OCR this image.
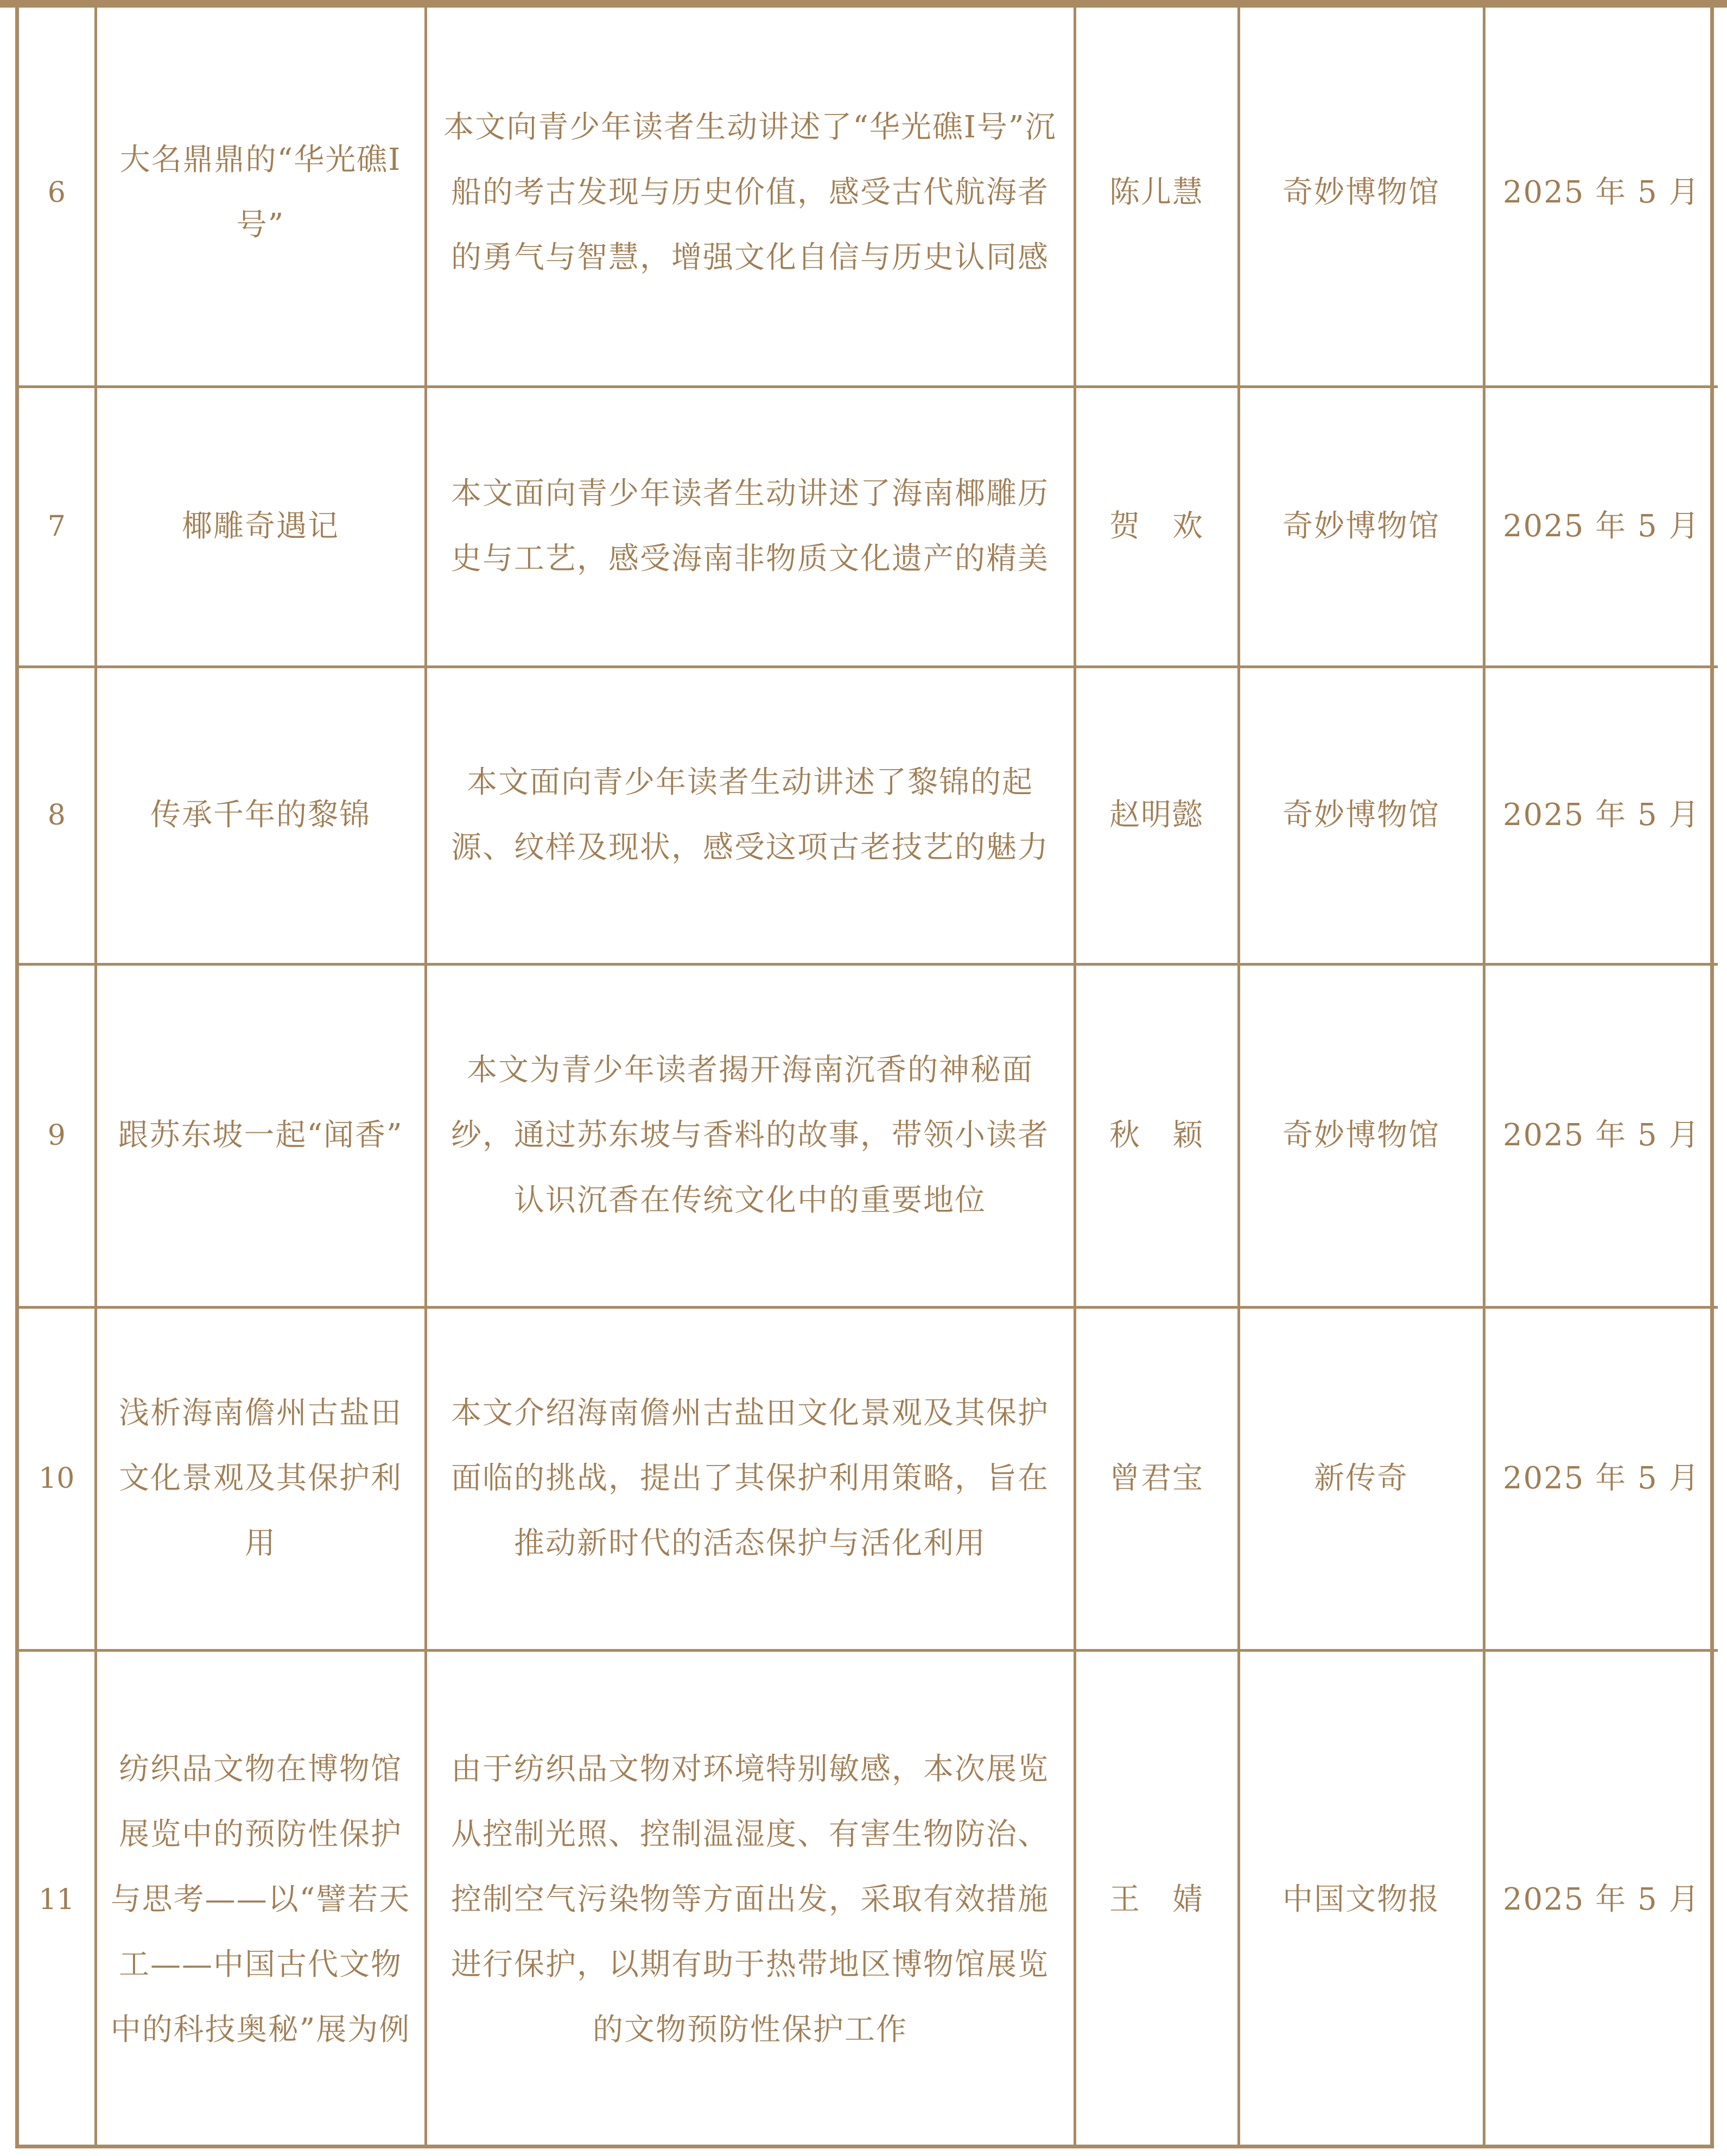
6	大名鼎鼎的“华光礁Ⅰ号”	本文向青少年读者生动讲述了“华光礁Ⅰ号”沉船的考古发现与历史价值，感受古代航海者的勇气与智慧，增强文化自信与历史认同感	陈儿慧	奇妙博物馆	2025 年 5 月
7	椰雕奇遇记	本文面向青少年读者生动讲述了海南椰雕历史与工艺，感受海南非物质文化遗产的精美	贺　欢	奇妙博物馆	2025 年 5 月
8	传承千年的黎锦	本文面向青少年读者生动讲述了黎锦的起源、纹样及现状，感受这项古老技艺的魅力	赵明懿	奇妙博物馆	2025 年 5 月
9	跟苏东坡一起“闻香”	本文为青少年读者揭开海南沉香的神秘面纱，通过苏东坡与香料的故事，带领小读者认识沉香在传统文化中的重要地位	秋　颖	奇妙博物馆	2025 年 5 月
10	浅析海南儋州古盐田文化景观及其保护利用	本文介绍海南儋州古盐田文化景观及其保护面临的挑战，提出了其保护利用策略，旨在推动新时代的活态保护与活化利用	曾君宝	新传奇	2025 年 5 月
11	纺织品文物在博物馆展览中的预防性保护与思考——以“譬若天工——中国古代文物中的科技奥秘”展为例	由于纺织品文物对环境特别敏感，本次展览从控制光照、控制温湿度、有害生物防治、控制空气污染物等方面出发，采取有效措施进行保护，以期有助于热带地区博物馆展览的文物预防性保护工作	王　婧	中国文物报	2025 年 5 月
